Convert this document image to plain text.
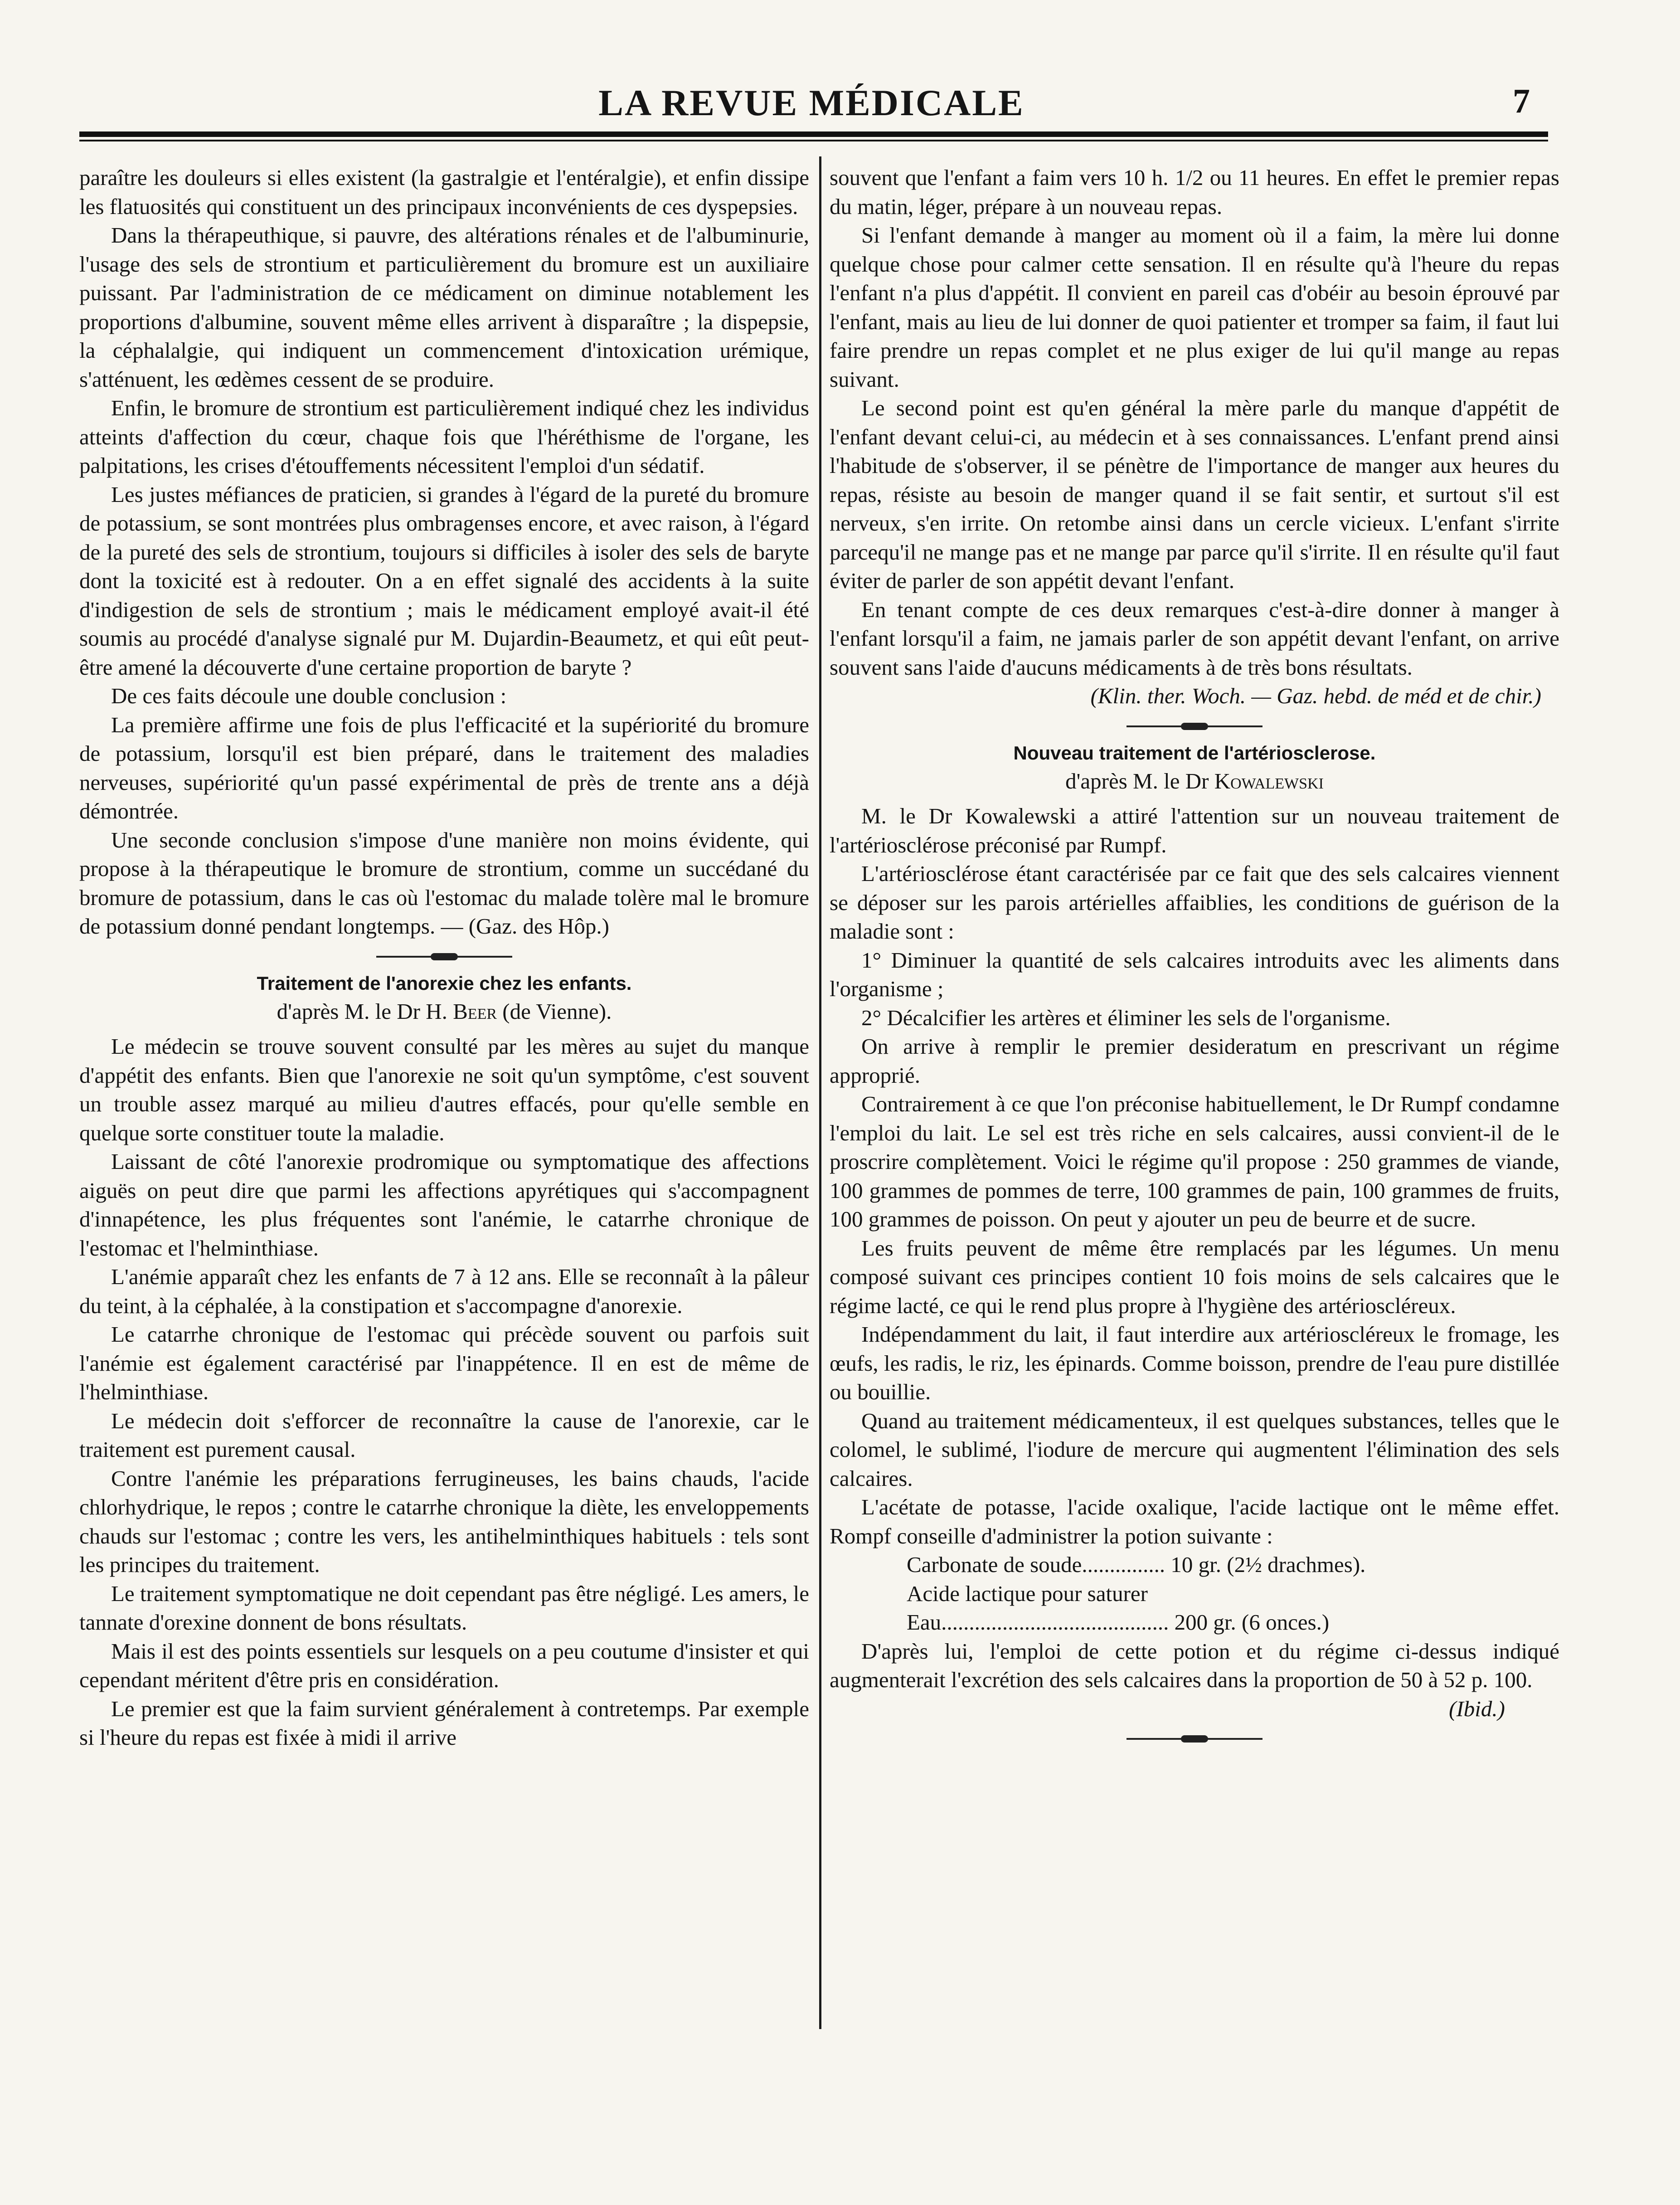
LA REVUE MÉDICALE	7

paraître les douleurs si elles existent (la gastralgie et l'entéralgie), et enfin dissipe les flatuosités qui constituent un des principaux inconvénients de ces dyspepsies.

Dans la thérapeuthique, si pauvre, des altérations rénales et de l'albuminurie, l'usage des sels de strontium et particulièrement du bromure est un auxiliaire puissant. Par l'administration de ce médicament on diminue notablement les proportions d'albumine, souvent même elles arrivent à disparaître ; la dispepsie, la céphalalgie, qui indiquent un commencement d'intoxication urémique, s'atténuent, les œdèmes cessent de se produire.

Enfin, le bromure de strontium est particulièrement indiqué chez les individus atteints d'affection du cœur, chaque fois que l'héréthisme de l'organe, les palpitations, les crises d'étouffements nécessitent l'emploi d'un sédatif.

Les justes méfiances de praticien, si grandes à l'égard de la pureté du bromure de potassium, se sont montrées plus ombragenses encore, et avec raison, à l'égard de la pureté des sels de strontium, toujours si difficiles à isoler des sels de baryte dont la toxicité est à redouter. On a en effet signalé des accidents à la suite d'indigestion de sels de strontium ; mais le médicament employé avait-il été soumis au procédé d'analyse signalé pur M. Dujardin-Beaumetz, et qui eût peut-être amené la découverte d'une certaine proportion de baryte ?

De ces faits découle une double conclusion :

La première affirme une fois de plus l'efficacité et la supériorité du bromure de potassium, lorsqu'il est bien préparé, dans le traitement des maladies nerveuses, supériorité qu'un passé expérimental de près de trente ans a déjà démontrée.

Une seconde conclusion s'impose d'une manière non moins évidente, qui propose à la thérapeutique le bromure de strontium, comme un succédané du bromure de potassium, dans le cas où l'estomac du malade tolère mal le bromure de potassium donné pendant longtemps. — (Gaz. des Hôp.)

Traitement de l'anorexie chez les enfants.
d'après M. le Dr H. Beer (de Vienne).

Le médecin se trouve souvent consulté par les mères au sujet du manque d'appétit des enfants. Bien que l'anorexie ne soit qu'un symptôme, c'est souvent un trouble assez marqué au milieu d'autres effacés, pour qu'elle semble en quelque sorte constituer toute la maladie.

Laissant de côté l'anorexie prodromique ou symptomatique des affections aiguës on peut dire que parmi les affections apyrétiques qui s'accompagnent d'innapétence, les plus fréquentes sont l'anémie, le catarrhe chronique de l'estomac et l'helminthiase.

L'anémie apparaît chez les enfants de 7 à 12 ans. Elle se reconnaît à la pâleur du teint, à la céphalée, à la constipation et s'accompagne d'anorexie.

Le catarrhe chronique de l'estomac qui précède souvent ou parfois suit l'anémie est également caractérisé par l'inappétence. Il en est de même de l'helminthiase.

Le médecin doit s'efforcer de reconnaître la cause de l'anorexie, car le traitement est purement causal.

Contre l'anémie les préparations ferrugineuses, les bains chauds, l'acide chlorhydrique, le repos ; contre le catarrhe chronique la diète, les enveloppements chauds sur l'estomac ; contre les vers, les antihelminthiques habituels : tels sont les principes du traitement.

Le traitement symptomatique ne doit cependant pas être négligé. Les amers, le tannate d'orexine donnent de bons résultats.

Mais il est des points essentiels sur lesquels on a peu coutume d'insister et qui cependant méritent d'être pris en considération.

Le premier est que la faim survient généralement à contretemps. Par exemple si l'heure du repas est fixée à midi il arrive

souvent que l'enfant a faim vers 10 h. 1/2 ou 11 heures. En effet le premier repas du matin, léger, prépare à un nouveau repas.

Si l'enfant demande à manger au moment où il a faim, la mère lui donne quelque chose pour calmer cette sensation. Il en résulte qu'à l'heure du repas l'enfant n'a plus d'appétit. Il convient en pareil cas d'obéir au besoin éprouvé par l'enfant, mais au lieu de lui donner de quoi patienter et tromper sa faim, il faut lui faire prendre un repas complet et ne plus exiger de lui qu'il mange au repas suivant.

Le second point est qu'en général la mère parle du manque d'appétit de l'enfant devant celui-ci, au médecin et à ses connaissances. L'enfant prend ainsi l'habitude de s'observer, il se pénètre de l'importance de manger aux heures du repas, résiste au besoin de manger quand il se fait sentir, et surtout s'il est nerveux, s'en irrite. On retombe ainsi dans un cercle vicieux. L'enfant s'irrite parcequ'il ne mange pas et ne mange par parce qu'il s'irrite. Il en résulte qu'il faut éviter de parler de son appétit devant l'enfant.

En tenant compte de ces deux remarques c'est-à-dire donner à manger à l'enfant lorsqu'il a faim, ne jamais parler de son appétit devant l'enfant, on arrive souvent sans l'aide d'aucuns médicaments à de très bons résultats.

(Klin. ther. Woch. — Gaz. hebd. de méd et de chir.)

Nouveau traitement de l'artériosclerose.
d'après M. le Dr Kowalewski

M. le Dr Kowalewski a attiré l'attention sur un nouveau traitement de l'artériosclérose préconisé par Rumpf.

L'artériosclérose étant caractérisée par ce fait que des sels calcaires viennent se déposer sur les parois artérielles affaiblies, les conditions de guérison de la maladie sont :

1° Diminuer la quantité de sels calcaires introduits avec les aliments dans l'organisme ;

2° Décalcifier les artères et éliminer les sels de l'organisme.

On arrive à remplir le premier desideratum en prescrivant un régime approprié.

Contrairement à ce que l'on préconise habituellement, le Dr Rumpf condamne l'emploi du lait. Le sel est très riche en sels calcaires, aussi convient-il de le proscrire complètement. Voici le régime qu'il propose : 250 grammes de viande, 100 grammes de pommes de terre, 100 grammes de pain, 100 grammes de fruits, 100 grammes de poisson. On peut y ajouter un peu de beurre et de sucre.

Les fruits peuvent de même être remplacés par les légumes. Un menu composé suivant ces principes contient 10 fois moins de sels calcaires que le régime lacté, ce qui le rend plus propre à l'hygiène des artérioscléreux.

Indépendamment du lait, il faut interdire aux artérioscléreux le fromage, les œufs, les radis, le riz, les épinards. Comme boisson, prendre de l'eau pure distillée ou bouillie.

Quand au traitement médicamenteux, il est quelques substances, telles que le colomel, le sublimé, l'iodure de mercure qui augmentent l'élimination des sels calcaires.

L'acétate de potasse, l'acide oxalique, l'acide lactique ont le même effet. Rompf conseille d'administrer la potion suivante :

Carbonate de soude............... 10 gr. (2½ drachmes).

Acide lactique pour saturer

Eau......................................... 200 gr. (6 onces.)

D'après lui, l'emploi de cette potion et du régime ci-dessus indiqué augmenterait l'excrétion des sels calcaires dans la proportion de 50 à 52 p. 100.

(Ibid.)
